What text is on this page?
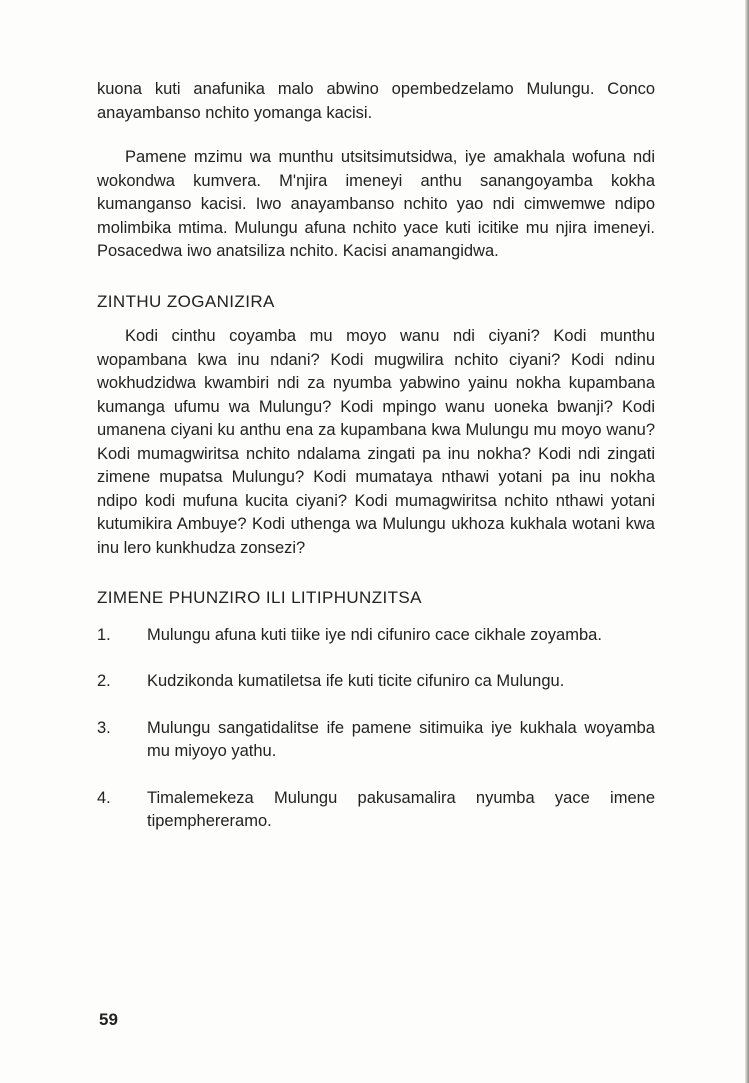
kuona kuti anafunika malo abwino opembedzelamo Mulungu. Conco anayambanso nchito yomanga kacisi.

Pamene mzimu wa munthu utsitsimutsidwa, iye amakhala wofuna ndi wokondwa kumvera. M'njira imeneyi anthu sanangoyamba kokha kumanganso kacisi. Iwo anayambanso nchito yao ndi cimwemwe ndipo molimbika mtima. Mulungu afuna nchito yace kuti icitike mu njira imeneyi. Posacedwa iwo anatsiliza nchito. Kacisi anamangidwa.

ZINTHU ZOGANIZIRA

Kodi cinthu coyamba mu moyo wanu ndi ciyani? Kodi munthu wopambana kwa inu ndani? Kodi mugwilira nchito ciyani? Kodi ndinu wokhudzidwa kwambiri ndi za nyumba yabwino yainu nokha kupambana kumanga ufumu wa Mulungu? Kodi mpingo wanu uoneka bwanji? Kodi umanena ciyani ku anthu ena za kupambana kwa Mulungu mu moyo wanu? Kodi mumagwiritsa nchito ndalama zingati pa inu nokha? Kodi ndi zingati zimene mupatsa Mulungu? Kodi mumataya nthawi yotani pa inu nokha ndipo kodi mufuna kucita ciyani? Kodi mumagwiritsa nchito nthawi yotani kutumikira Ambuye? Kodi uthenga wa Mulungu ukhoza kukhala wotani kwa inu lero kunkhudza zonsezi?

ZIMENE PHUNZIRO ILI LITIPHUNZITSA
1.	Mulungu afuna kuti tiike iye ndi cifuniro cace cikhale zoyamba.
2.	Kudzikonda kumatiletsa ife kuti ticite cifuniro ca Mulungu.
3.	Mulungu sangatidalitse ife pamene sitimuika iye kukhala woyamba mu miyoyo yathu.
4.	Timalemekeza Mulungu pakusamalira nyumba yace imene tipemphereramo.
59
